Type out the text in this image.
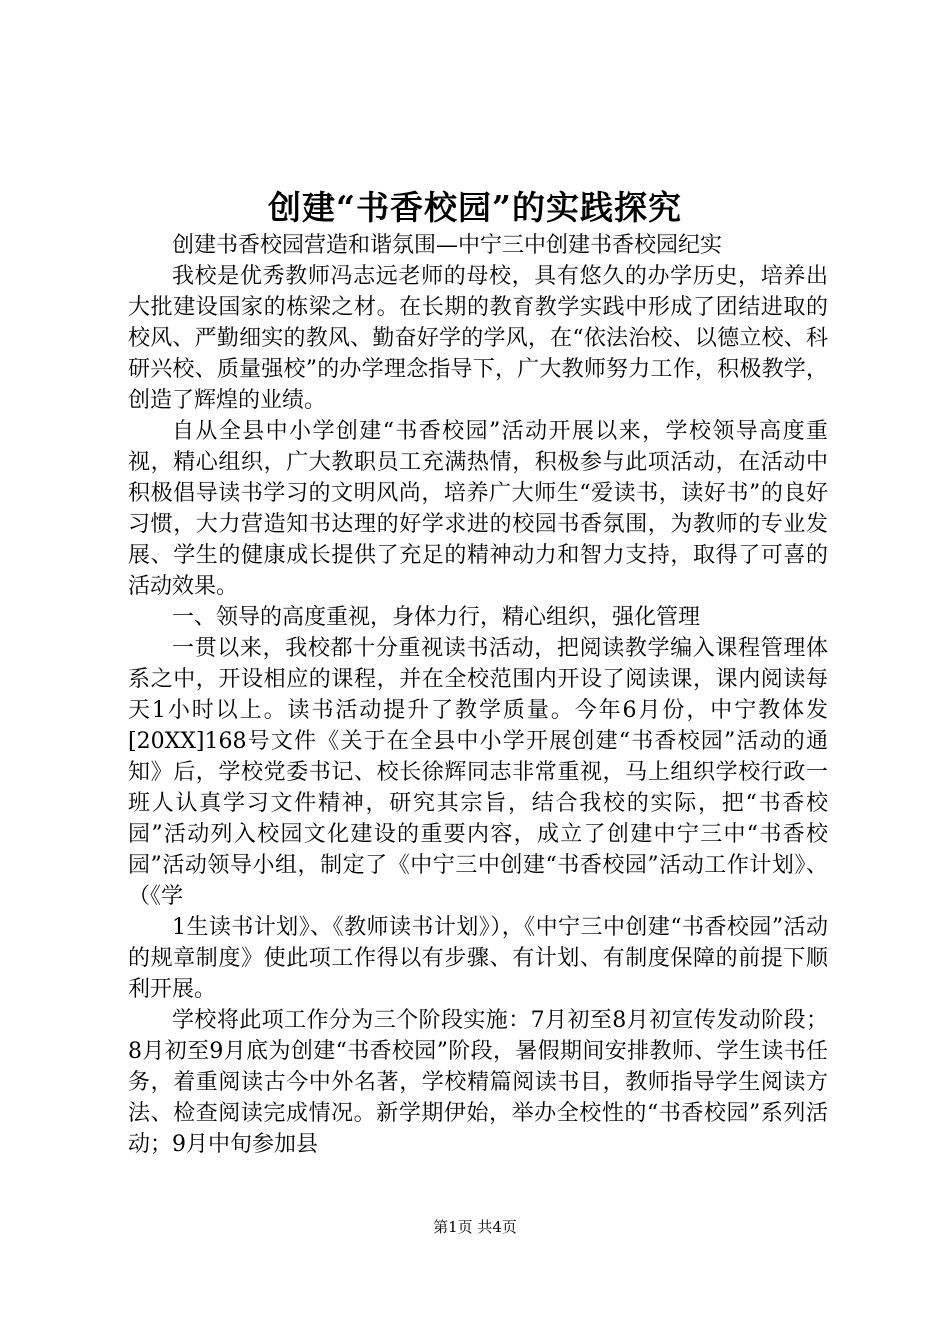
创建“书香校园”的实践探究

创建书香校园营造和谐氛围—中宁三中创建书香校园纪实

我校是优秀教师冯志远老师的母校，具有悠久的办学历史，培养出大批建设国家的栋梁之材。在长期的教育教学实践中形成了团结进取的校风、严勤细实的教风、勤奋好学的学风，在“依法治校、以德立校、科研兴校、质量强校”的办学理念指导下，广大教师努力工作，积极教学，创造了辉煌的业绩。

自从全县中小学创建“书香校园”活动开展以来，学校领导高度重视，精心组织，广大教职员工充满热情，积极参与此项活动，在活动中积极倡导读书学习的文明风尚，培养广大师生“爱读书，读好书”的良好习惯，大力营造知书达理的好学求进的校园书香氛围，为教师的专业发展、学生的健康成长提供了充足的精神动力和智力支持，取得了可喜的活动效果。

一、领导的高度重视，身体力行，精心组织，强化管理

一贯以来，我校都十分重视读书活动，把阅读教学编入课程管理体系之中，开设相应的课程，并在全校范围内开设了阅读课，课内阅读每天1小时以上。读书活动提升了教学质量。今年6月份，中宁教体发[20XX]168号文件《关于在全县中小学开展创建“书香校园”活动的通知》后，学校党委书记、校长徐辉同志非常重视，马上组织学校行政一班人认真学习文件精神，研究其宗旨，结合我校的实际，把“书香校园”活动列入校园文化建设的重要内容，成立了创建中宁三中“书香校园”活动领导小组，制定了《中宁三中创建“书香校园”活动工作计划》、（《学

1生读书计划》、《教师读书计划》），《中宁三中创建“书香校园”活动的规章制度》使此项工作得以有步骤、有计划、有制度保障的前提下顺利开展。

学校将此项工作分为三个阶段实施：7月初至8月初宣传发动阶段；8月初至9月底为创建“书香校园”阶段，暑假期间安排教师、学生读书任务，着重阅读古今中外名著，学校精篇阅读书目，教师指导学生阅读方法、检查阅读完成情况。新学期伊始，举办全校性的“书香校园”系列活动；9月中旬参加县

第1页 共4页
